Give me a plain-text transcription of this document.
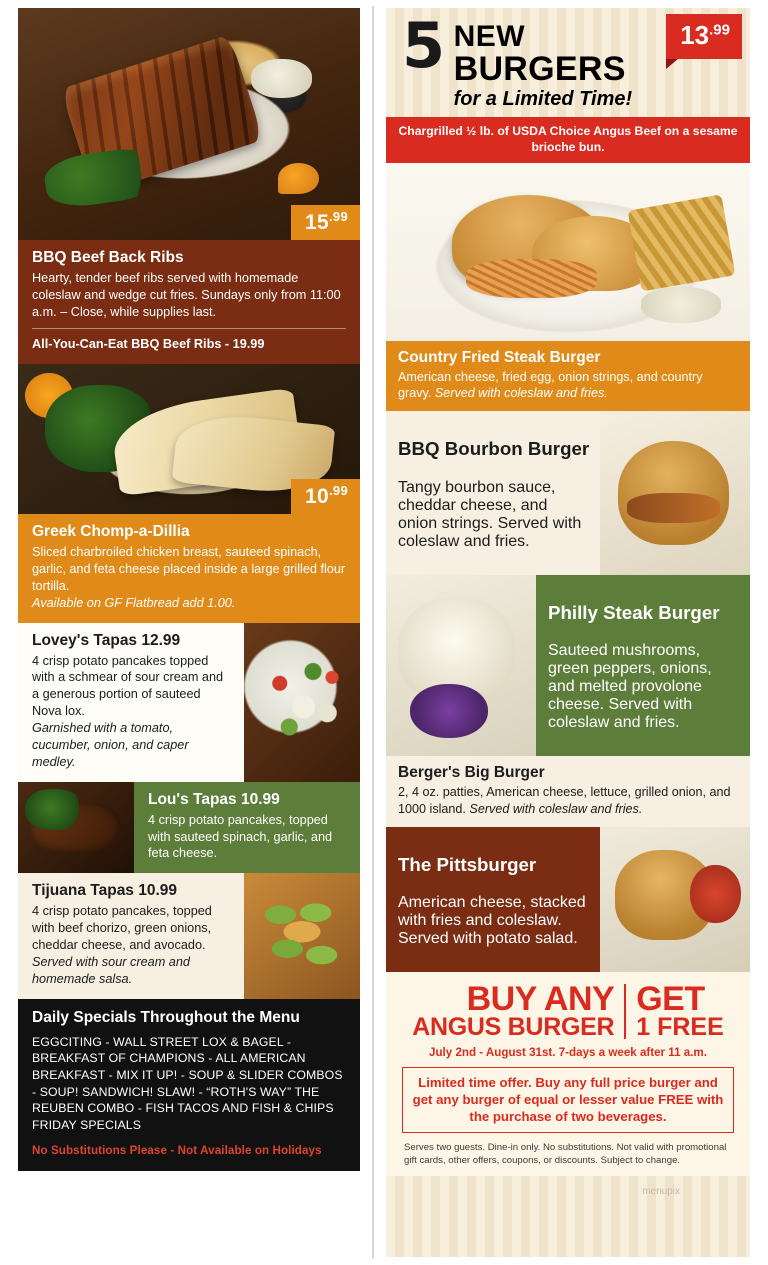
$15^{.99}$
BBQ Beef Back Ribs

Hearty, tender beef ribs served with homemade coleslaw and wedge cut fries. Sundays only from 11:00 a.m. – Close, while supplies last.

All-You-Can-Eat BBQ Beef Ribs - 19.99

$10^{.99}$
Greek Chomp-a-Dillia

Sliced charbroiled chicken breast, sauteed spinach, garlic, and feta cheese placed inside a large grilled flour tortilla.

Available on GF Flatbread add 1.00.

Lovey's Tapas 12.99

4 crisp potato pancakes topped with a schmear of sour cream and a generous portion of sauteed Nova lox.

Garnished with a tomato, cucumber, onion, and caper medley.

Lou's Tapas 10.99

4 crisp potato pancakes, topped with sauteed spinach, garlic, and feta cheese.

Tijuana Tapas 10.99

4 crisp potato pancakes, topped with beef chorizo, green onions, cheddar cheese, and avocado.

Served with sour cream and homemade salsa.

Daily Specials Throughout the Menu

EGGCITING - WALL STREET LOX & BAGEL - BREAKFAST OF CHAMPIONS - ALL AMERICAN BREAKFAST - MIX IT UP! - SOUP & SLIDER COMBOS - SOUP! SANDWICH! SLAW! - “ROTH'S WAY” THE REUBEN COMBO - FISH TACOS AND FISH & CHIPS FRIDAY SPECIALS

No Substitutions Please - Not Available on Holidays

5 NEW
BURGERS
for a Limited Time!
$13^{.99}$
Chargrilled ½ lb. of USDA Choice Angus Beef on a sesame brioche bun.
Country Fried Steak Burger

American cheese, fried egg, onion strings, and country gravy. Served with coleslaw and fries.

BBQ Bourbon Burger

Tangy bourbon sauce, cheddar cheese, and onion strings. Served with coleslaw and fries.

Philly Steak Burger

Sauteed mushrooms, green peppers, onions, and melted provolone cheese. Served with coleslaw and fries.

Berger's Big Burger

2, 4 oz. patties, American cheese, lettuce, grilled onion, and 1000 island. Served with coleslaw and fries.

The Pittsburger

American cheese, stacked with fries and coleslaw. Served with potato salad.

BUY ANY
ANGUS BURGER
GET
1 FREE
July 2nd - August 31st. 7-days a week after 11 a.m.
Limited time offer. Buy any full price burger and get any burger of equal or lesser value FREE with the purchase of two beverages.
Serves two guests. Dine-in only. No substitutions. Not valid with promotional gift cards, other offers, coupons, or discounts. Subject to change.
menupix
